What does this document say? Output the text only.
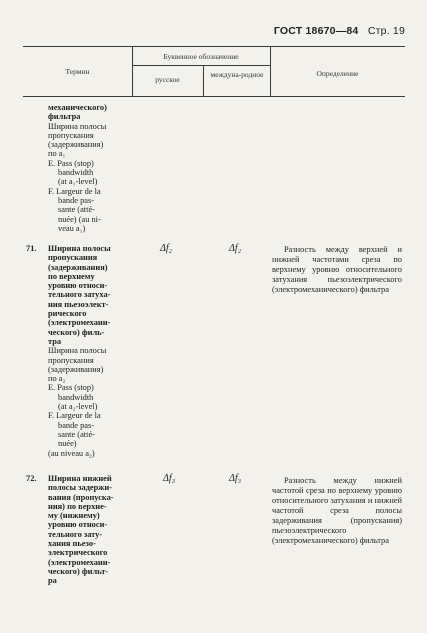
ГОСТ 18670—84 Стр. 19
Термин
Буквенное обозначение
русское
междуна-родное	Определение
механического)
фильтра
Ширина полосы
пропускания
(задерживания)
по a₁
E. Pass (stop)
bandwidth
(at a₁-level)
F. Largeur de la
bande pas-
sante (atté-
nuée) (au ni-
veau a₁)
71. Ширина полосы
пропускания
(задерживания)
по верхнему
уровню относи-
тельного затуха-
ния пьезоэлект-
рического
(электромехани-
ческого) филь-
тра
Ширина полосы
пропускания
(задерживания)
по a₂
E. Pass (stop)
bandwidth
(at a₂-level)
F. Largeur de la
bande pas-
sante (atté-
nuée)
(au niveau a₂)
Δf₂	Δf₂	Разность между верхней и нижней частотами среза по верхнему уровню относительного затухания пьезоэлектрического (электромеханического) фильтра
72. Ширина нижней
полосы задержи-
вания (пропуска-
ния) по верхне-
му (нижнему)
уровню относи-
тельного зату-
хания пьезо-
электрического
(электромехани-
ческого) фильт-
ра
Δf₃	Δf₃	Разность между нижней частотой среза по верхнему уровню относительного затухания и нижней частотой среза полосы задерживания (пропускания) пьезоэлектрического (электромеханического) фильтра
